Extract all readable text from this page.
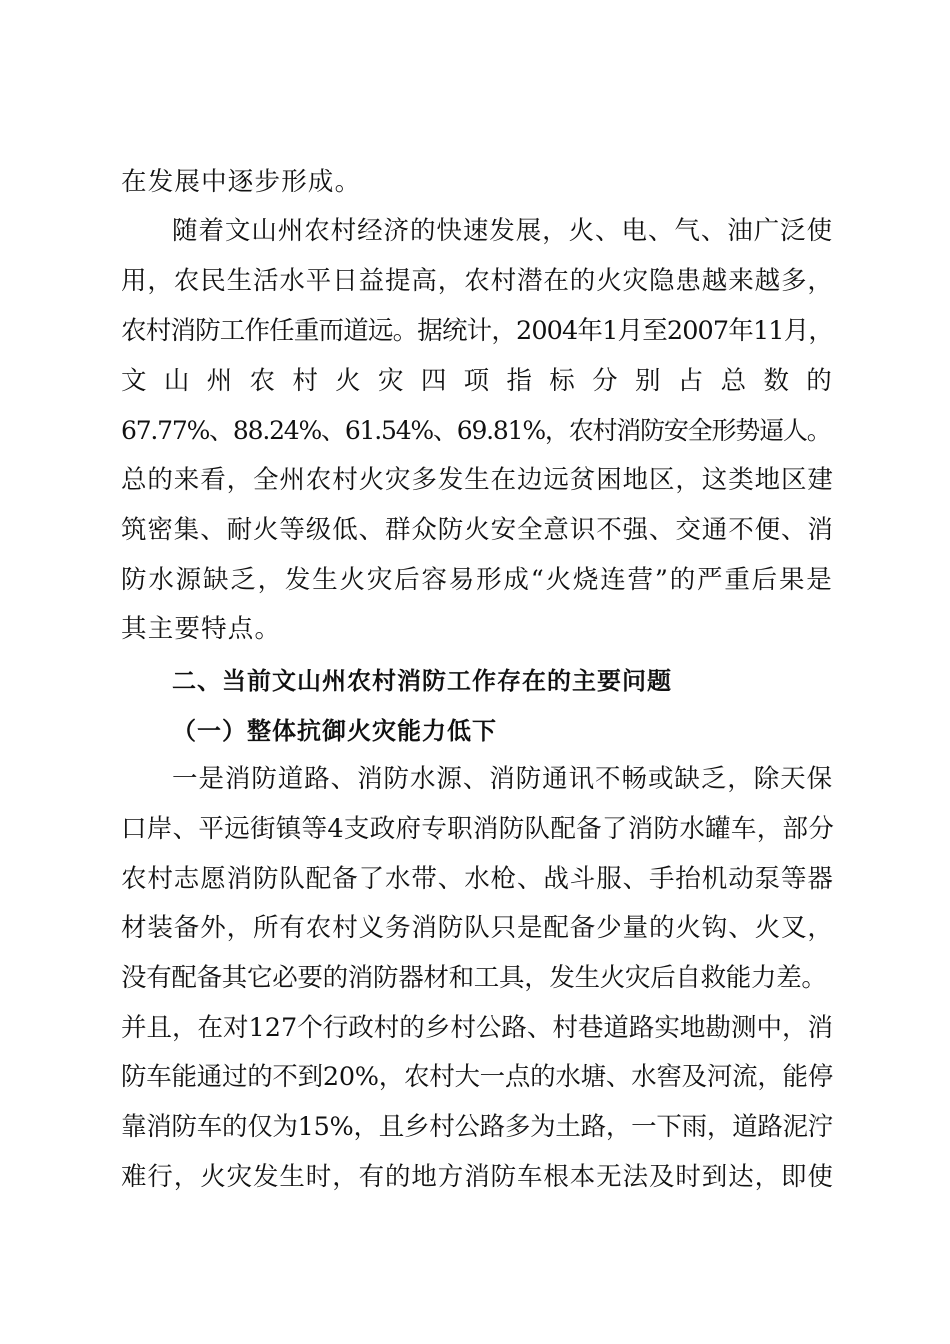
在发展中逐步形成。
随着文山州农村经济的快速发展，火、电、气、油广泛使
用，农民生活水平日益提高，农村潜在的火灾隐患越来越多，
农村消防工作任重而道远。据统计，2004年1月至2007年11月，
文 山 州 农 村 火 灾 四 项 指 标 分 别 占 总 数 的
67.77%、88.24%、61.54%、69.81%，农村消防安全形势逼人。
总的来看，全州农村火灾多发生在边远贫困地区，这类地区建
筑密集、耐火等级低、群众防火安全意识不强、交通不便、消
防水源缺乏，发生火灾后容易形成“火烧连营”的严重后果是
其主要特点。
二、当前文山州农村消防工作存在的主要问题
（一）整体抗御火灾能力低下
一是消防道路、消防水源、消防通讯不畅或缺乏，除天保
口岸、平远街镇等4支政府专职消防队配备了消防水罐车，部分
农村志愿消防队配备了水带、水枪、战斗服、手抬机动泵等器
材装备外，所有农村义务消防队只是配备少量的火钩、火叉，
没有配备其它必要的消防器材和工具，发生火灾后自救能力差。
并且，在对127个行政村的乡村公路、村巷道路实地勘测中，消
防车能通过的不到20%，农村大一点的水塘、水窖及河流，能停
靠消防车的仅为15%，且乡村公路多为土路，一下雨，道路泥泞
难行，火灾发生时，有的地方消防车根本无法及时到达，即使
